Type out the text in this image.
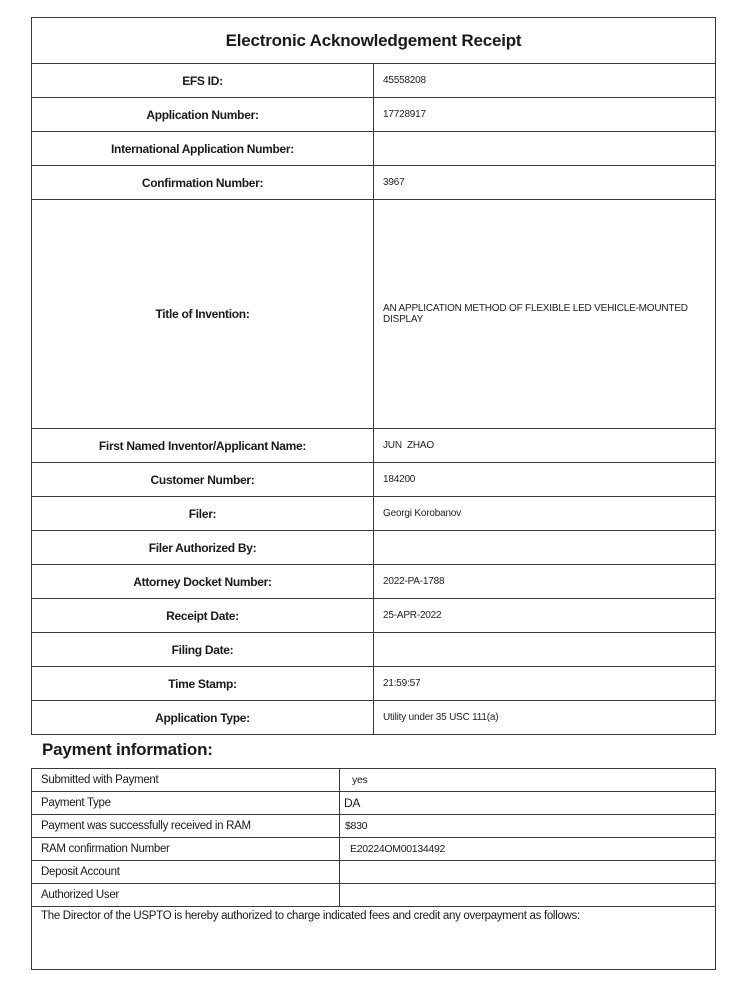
Electronic Acknowledgement Receipt	
EFS ID:	45558208
Application Number:	17728917
International Application Number:	
Confirmation Number:	3967
Title of Invention:	AN APPLICATION METHOD OF FLEXIBLE LED VEHICLE-MOUNTED DISPLAY
First Named Inventor/Applicant Name:	JUN  ZHAO
Customer Number:	184200
Filer:	Georgi Korobanov
Filer Authorized By:	
Attorney Docket Number:	2022-PA-1788
Receipt Date:	25-APR-2022
Filing Date:	
Time Stamp:	21:59:57
Application Type:	Utility under 35 USC 111(a)
Payment information:
Submitted with Payment	yes
Payment Type	DA
Payment was successfully received in RAM	$830
RAM confirmation Number	E20224OM00134492
Deposit Account	
Authorized User	
The Director of the USPTO is hereby authorized to charge indicated fees and credit any overpayment as follows:	
